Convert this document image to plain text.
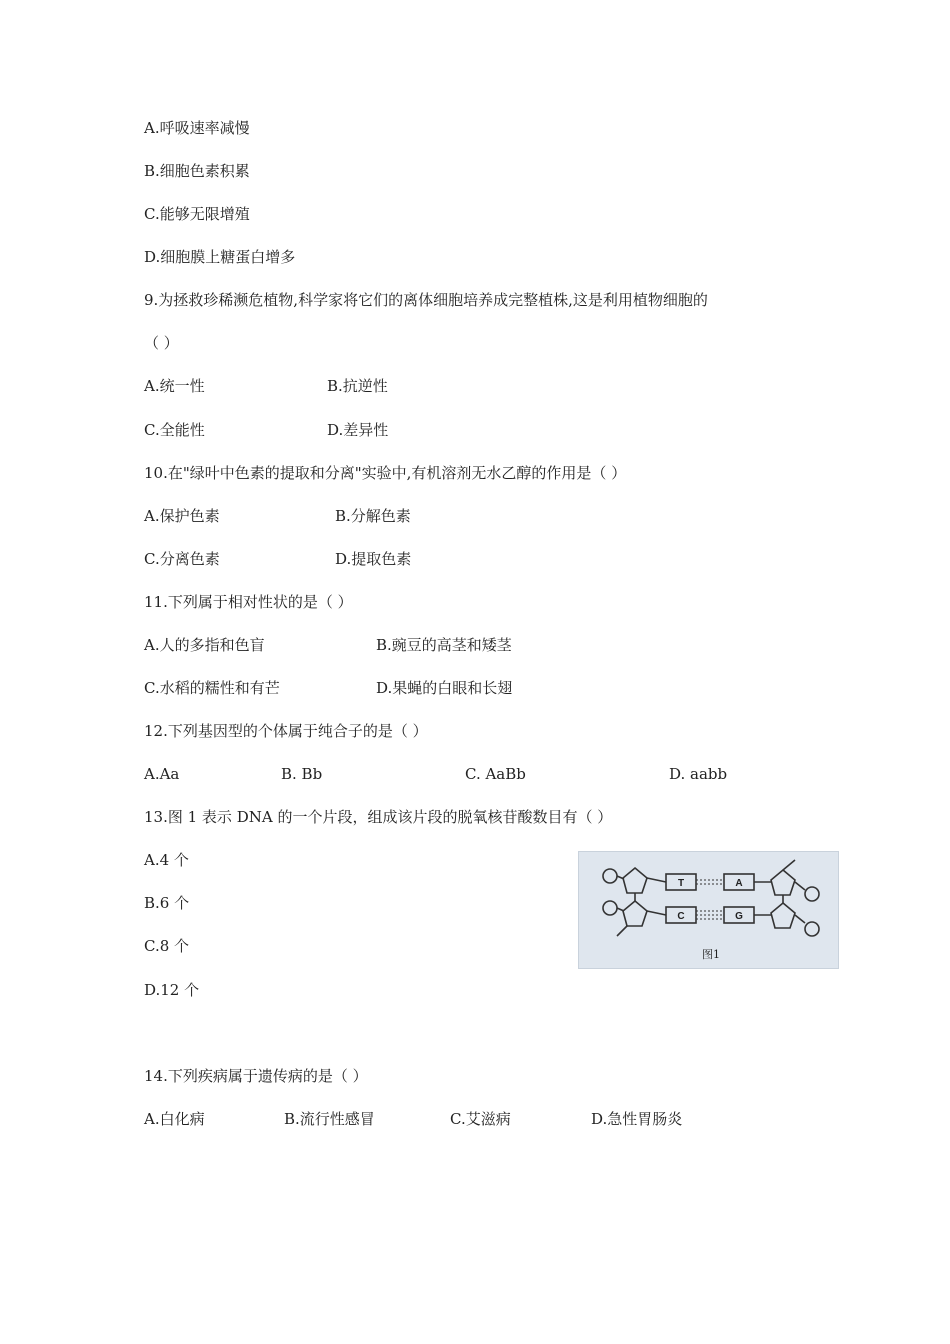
A.呼吸速率减慢
B.细胞色素积累
C.能够无限增殖
D.细胞膜上糖蛋白增多
9.为拯救珍稀濒危植物,科学家将它们的离体细胞培养成完整植株,这是利用植物细胞的
（ ）
A.统一性	B.抗逆性
C.全能性	D.差异性
10.在"绿叶中色素的提取和分离"实验中,有机溶剂无水乙醇的作用是（ ）
A.保护色素	B.分解色素
C.分离色素	D.提取色素
11.下列属于相对性状的是（ ）
A.人的多指和色盲	B.豌豆的高茎和矮茎
C.水稻的糯性和有芒	D.果蝇的白眼和长翅
12.下列基因型的个体属于纯合子的是（ ）
A.Aa	B. Bb	C. AaBb	D. aabb
13.图 1 表示 DNA 的一个片段，组成该片段的脱氧核苷酸数目有（ ）
A.4 个
B.6 个
C.8 个
D.12 个
T	A
C	G
图1
14.下列疾病属于遗传病的是（ ）
A.白化病	B.流行性感冒	C.艾滋病	D.急性胃肠炎
